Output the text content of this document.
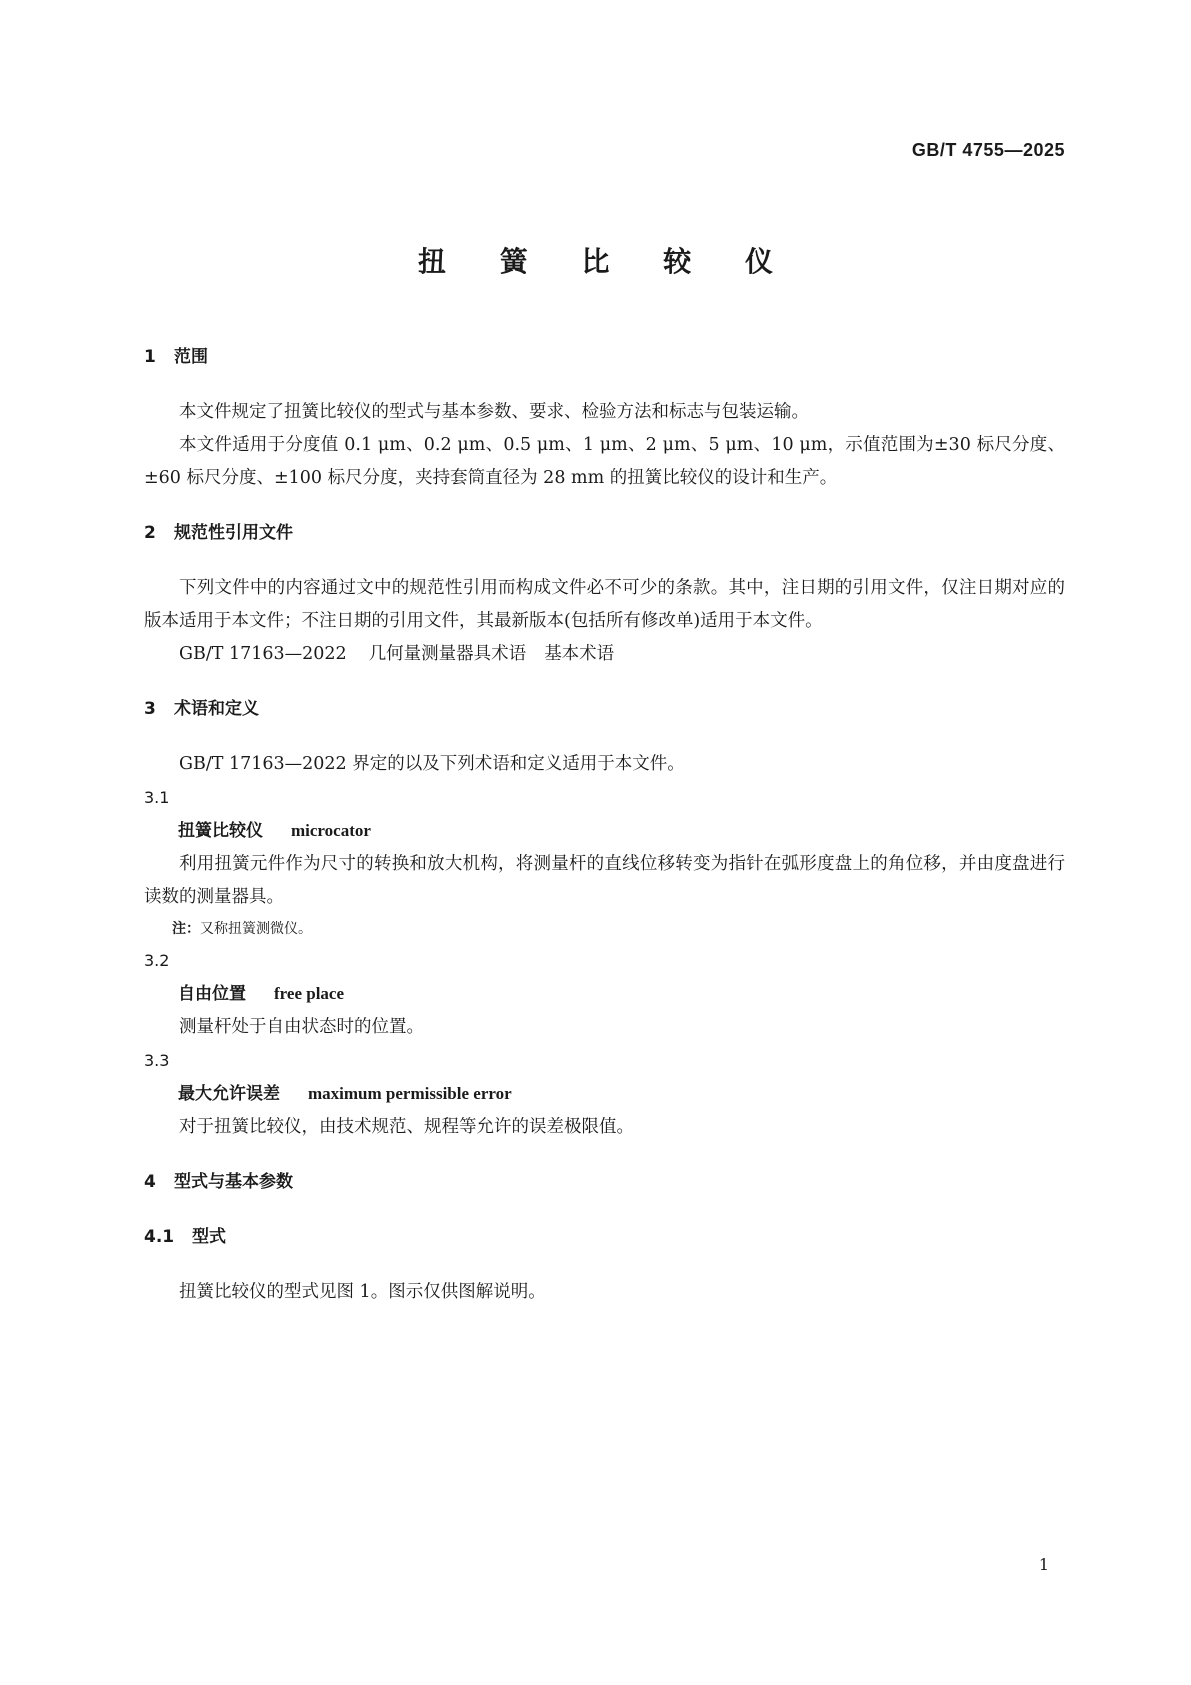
GB/T 4755—2025
扭 簧 比 较 仪
1 范围
本文件规定了扭簧比较仪的型式与基本参数、要求、检验方法和标志与包装运输。
本文件适用于分度值 0.1 μm、0.2 μm、0.5 μm、1 μm、2 μm、5 μm、10 μm，示值范围为±30 标尺分度、±60 标尺分度、±100 标尺分度，夹持套筒直径为 28 mm 的扭簧比较仪的设计和生产。
2 规范性引用文件
下列文件中的内容通过文中的规范性引用而构成文件必不可少的条款。其中，注日期的引用文件，仅注日期对应的版本适用于本文件；不注日期的引用文件，其最新版本(包括所有修改单)适用于本文件。
GB/T 17163—2022 几何量测量器具术语 基本术语
3 术语和定义
GB/T 17163—2022 界定的以及下列术语和定义适用于本文件。
3.1
扭簧比较仪 microcator
利用扭簧元件作为尺寸的转换和放大机构，将测量杆的直线位移转变为指针在弧形度盘上的角位移，并由度盘进行读数的测量器具。
注：又称扭簧测微仪。
3.2
自由位置 free place
测量杆处于自由状态时的位置。
3.3
最大允许误差 maximum permissible error
对于扭簧比较仪，由技术规范、规程等允许的误差极限值。
4 型式与基本参数
4.1 型式
扭簧比较仪的型式见图 1。图示仅供图解说明。
1
